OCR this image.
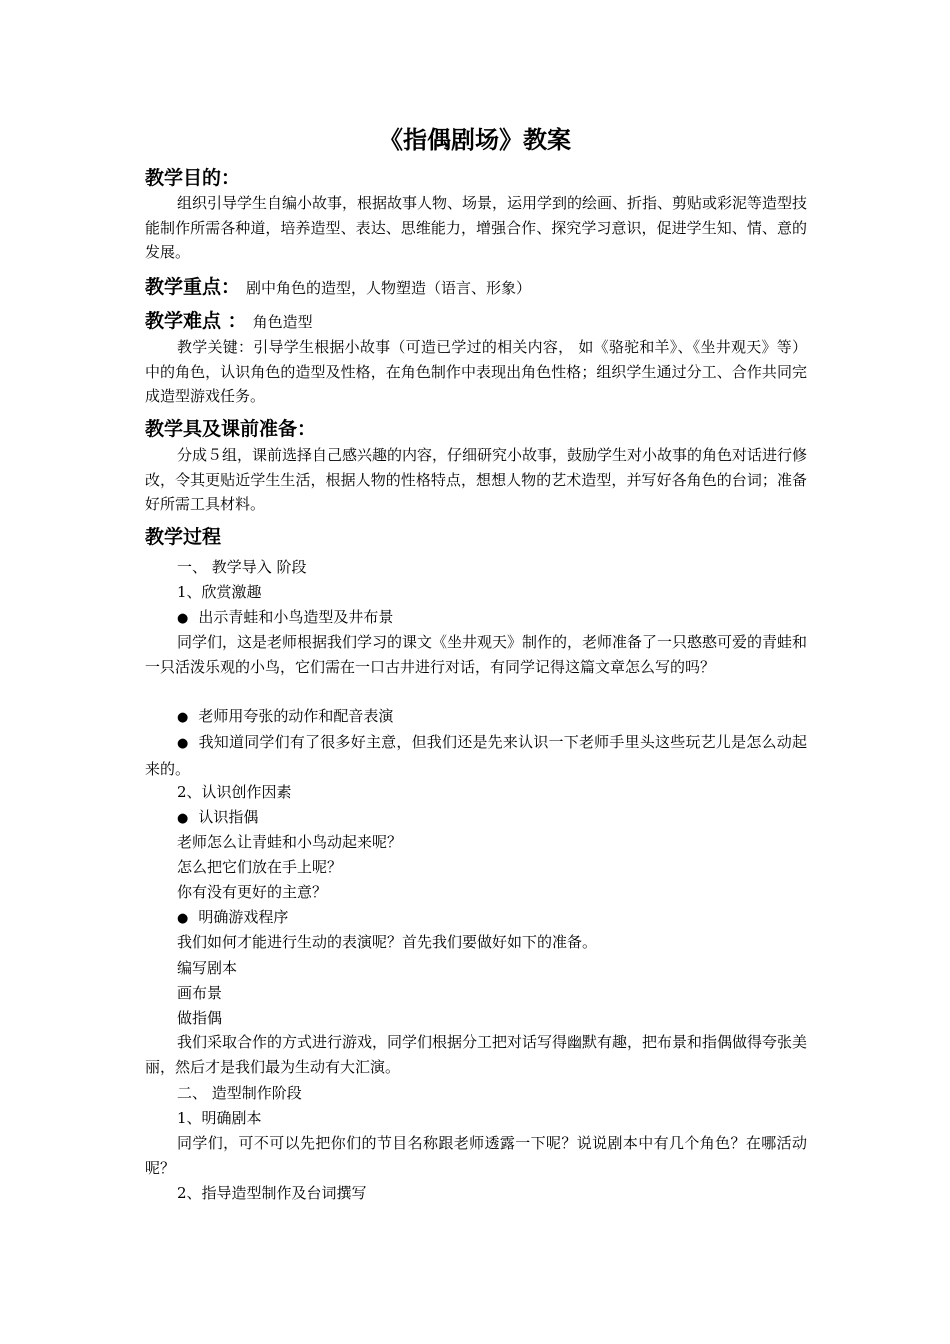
《指偶剧场》教案
教学目的：
组织引导学生自编小故事，根据故事人物、场景，运用学到的绘画、折指、剪贴或彩泥等造型技能制作所需各种道，培养造型、表达、思维能力，增强合作、探究学习意识，促进学生知、情、意的发展。
教学重点： 剧中角色的造型，人物塑造（语言、形象）
教学难点 ： 角色造型
教学关键：引导学生根据小故事（可造已学过的相关内容， 如《骆驼和羊》、《坐井观天》等）中的角色，认识角色的造型及性格，在角色制作中表现出角色性格；组织学生通过分工、合作共同完成造型游戏任务。
教学具及课前准备：
分成５组，课前选择自己感兴趣的内容，仔细研究小故事，鼓励学生对小故事的角色对话进行修改，令其更贴近学生生活，根据人物的性格特点，想想人物的艺术造型，并写好各角色的台词；准备好所需工具材料。
教学过程
一、 教学导入 阶段
1、欣赏激趣
● 出示青蛙和小鸟造型及井布景
同学们，这是老师根据我们学习的课文《坐井观天》制作的，老师准备了一只憨憨可爱的青蛙和一只活泼乐观的小鸟，它们需在一口古井进行对话，有同学记得这篇文章怎么写的吗？
● 老师用夸张的动作和配音表演
● 我知道同学们有了很多好主意，但我们还是先来认识一下老师手里头这些玩艺儿是怎么动起来的。
2、认识创作因素
● 认识指偶
老师怎么让青蛙和小鸟动起来呢？
怎么把它们放在手上呢？
你有没有更好的主意？
● 明确游戏程序
我们如何才能进行生动的表演呢？首先我们要做好如下的准备。
编写剧本
画布景
做指偶
我们采取合作的方式进行游戏，同学们根据分工把对话写得幽默有趣，把布景和指偶做得夸张美丽，然后才是我们最为生动有大汇演。
二、 造型制作阶段
1、明确剧本
同学们，可不可以先把你们的节目名称跟老师透露一下呢？说说剧本中有几个角色？在哪活动呢？
2、指导造型制作及台词撰写
